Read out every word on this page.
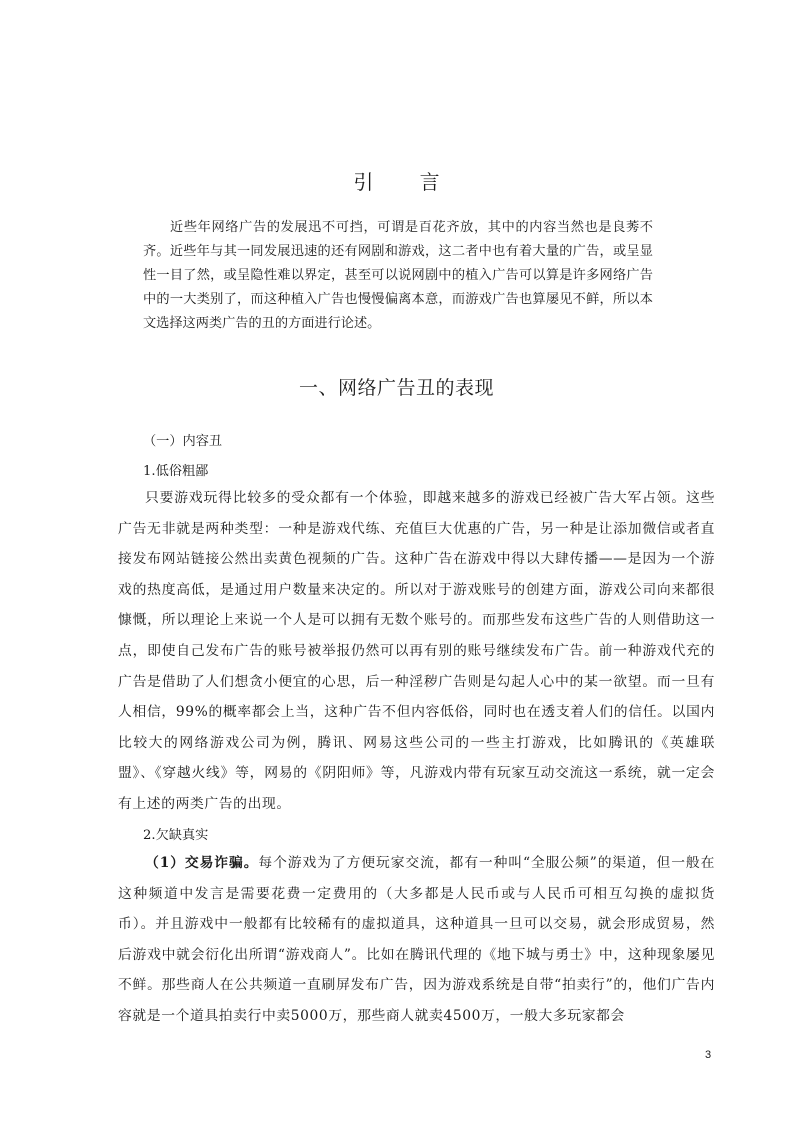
引 言

近些年网络广告的发展迅不可挡，可谓是百花齐放，其中的内容当然也是良莠不齐。近些年与其一同发展迅速的还有网剧和游戏，这二者中也有着大量的广告，或呈显性一目了然，或呈隐性难以界定，甚至可以说网剧中的植入广告可以算是许多网络广告中的一大类别了，而这种植入广告也慢慢偏离本意，而游戏广告也算屡见不鲜，所以本文选择这两类广告的丑的方面进行论述。

一、网络广告丑的表现
（一）内容丑
1.低俗粗鄙

只要游戏玩得比较多的受众都有一个体验，即越来越多的游戏已经被广告大军占领。这些广告无非就是两种类型：一种是游戏代练、充值巨大优惠的广告，另一种是让添加微信或者直接发布网站链接公然出卖黄色视频的广告。这种广告在游戏中得以大肆传播——是因为一个游戏的热度高低，是通过用户数量来决定的。所以对于游戏账号的创建方面，游戏公司向来都很慷慨，所以理论上来说一个人是可以拥有无数个账号的。而那些发布这些广告的人则借助这一点，即使自己发布广告的账号被举报仍然可以再有别的账号继续发布广告。前一种游戏代充的广告是借助了人们想贪小便宜的心思，后一种淫秽广告则是勾起人心中的某一欲望。而一旦有人相信，99%的概率都会上当，这种广告不但内容低俗，同时也在透支着人们的信任。以国内比较大的网络游戏公司为例，腾讯、网易这些公司的一些主打游戏，比如腾讯的《英雄联盟》、《穿越火线》等，网易的《阴阳师》等，凡游戏内带有玩家互动交流这一系统，就一定会有上述的两类广告的出现。

2.欠缺真实

（1）交易诈骗。每个游戏为了方便玩家交流，都有一种叫“全服公频”的渠道，但一般在这种频道中发言是需要花费一定费用的（大多都是人民币或与人民币可相互勾换的虚拟货币）。并且游戏中一般都有比较稀有的虚拟道具，这种道具一旦可以交易，就会形成贸易，然后游戏中就会衍化出所谓“游戏商人”。比如在腾讯代理的《地下城与勇士》中，这种现象屡见不鲜。那些商人在公共频道一直刷屏发布广告，因为游戏系统是自带“拍卖行”的，他们广告内容就是一个道具拍卖行中卖5000万，那些商人就卖4500万，一般大多玩家都会

3
